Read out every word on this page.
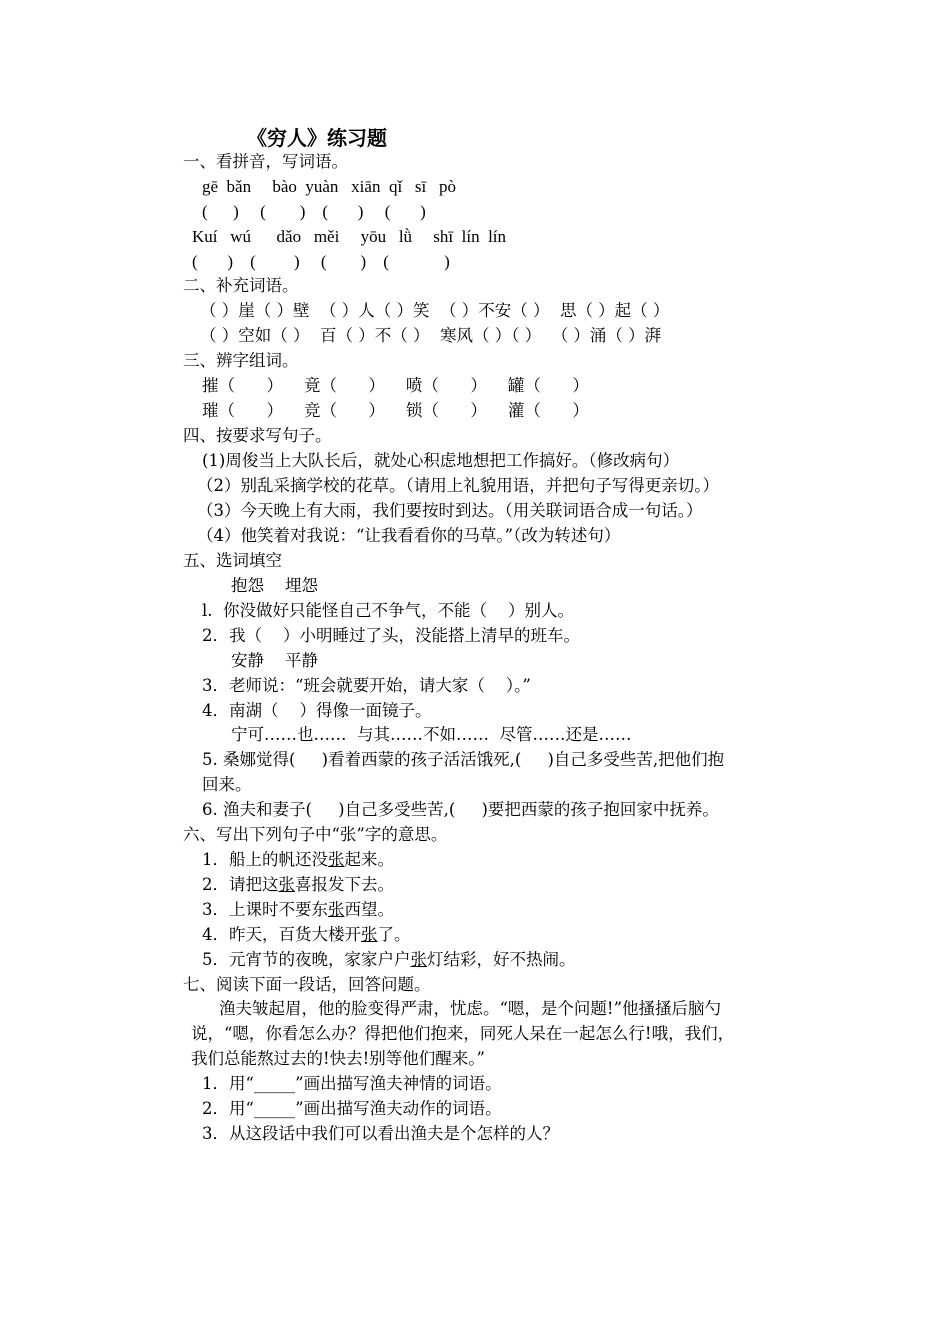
《穷人》练习题
一、看拼音，写词语。
gē  bǎn     bào  yuàn   xiān  qǐ   sī   pò
(      )     (        )    (       )     (       )
Kuí   wú      dǎo   měi     yōu   lǜ     shī  lín  lín
(       )    (         )     (        )    (             )
二、补充词语。
（ ）崖（ ）壁  （ ）人（ ）笑  （ ）不安（ ）  思（ ）起（ ）
（ ）空如（ ）  百（ ）不（ ）  寒风（ ）（ ）  （ ）涌（ ）湃
三、辨字组词。
摧（      ）    竟（      ）    喷（      ）    罐（      ）
璀（      ）    竞（      ）    锁（      ）    灌（      ）
四、按要求写句子。
(1)周俊当上大队长后，就处心积虑地想把工作搞好。（修改病句）
（2）别乱采摘学校的花草。（请用上礼貌用语，并把句子写得更亲切。）
（3）今天晚上有大雨，我们要按时到达。（用关联词语合成一句话。）
（4）他笑着对我说：“让我看看你的马草。”（改为转述句）
五、选词填空
抱怨    埋怨
l.  你没做好只能怪自己不争气，不能（    ）别人。
2．我（    ）小明睡过了头，没能搭上清早的班车。
安静    平静
3．老师说：“班会就要开始，请大家（    ）。”
4．南湖（    ）得像一面镜子。
宁可……也……  与其……不如……  尽管……还是……
5. 桑娜觉得(     )看着西蒙的孩子活活饿死,(     )自己多受些苦,把他们抱
回来。
6. 渔夫和妻子(     )自己多受些苦,(     )要把西蒙的孩子抱回家中抚养。
六、写出下列句子中“张”字的意思。
1．船上的帆还没张起来。
2．请把这张喜报发下去。
3．上课时不要东张西望。
4．昨天，百货大楼开张了。
5．元宵节的夜晚，家家户户张灯结彩，好不热闹。
七、阅读下面一段话，回答问题。
渔夫皱起眉，他的脸变得严肃，忧虑。“嗯，是个问题!”他搔搔后脑勺
说，“嗯，你看怎么办？得把他们抱来，同死人呆在一起怎么行!哦，我们，
我们总能熬过去的!快去!别等他们醒来。”
1．用“_____”画出描写渔夫神情的词语。
2．用“_____”画出描写渔夫动作的词语。
3．从这段话中我们可以看出渔夫是个怎样的人？
